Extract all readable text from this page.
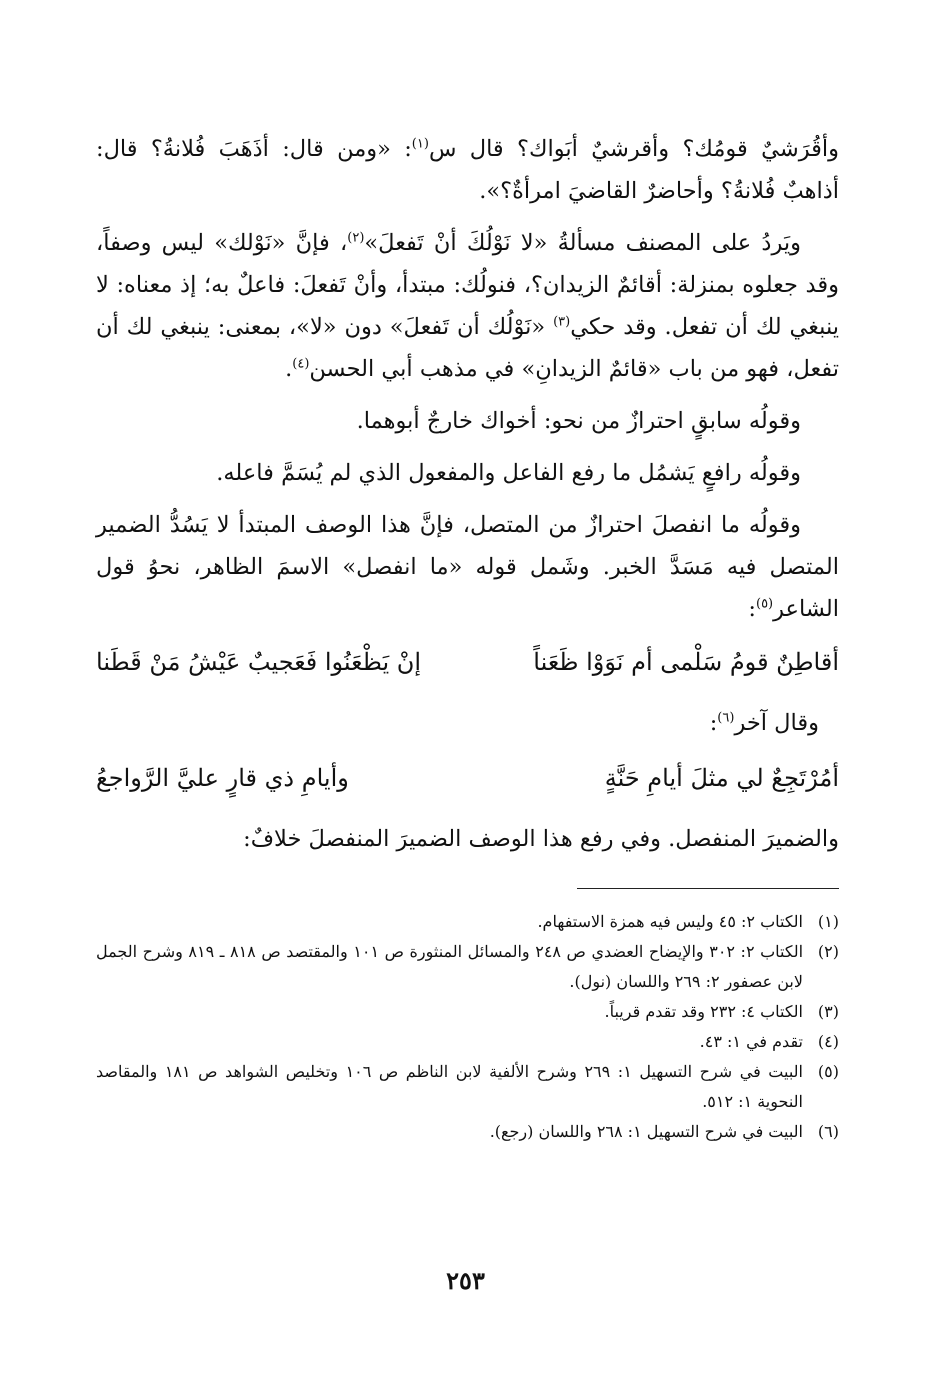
وأقُرَشيٌ قومُك؟ وأقرشيٌ أبَواك؟ قال س$^{(١)}$: «ومن قال: أذَهَبَ فُلانةُ؟ قال: أذاهبٌ فُلانةُ؟ وأحاضرٌ القاضيَ امرأةٌ؟».

ويَردُ على المصنف مسألةُ «لا نَوْلُكَ أنْ تَفعلَ»$^{(٢)}$، فإنَّ «نَوْلك» ليس وصفاً، وقد جعلوه بمنزلة: أقائمٌ الزيدان؟، فنولُك: مبتدأ، وأنْ تَفعلَ: فاعلٌ به؛ إذ معناه: لا ينبغي لك أن تفعل. وقد حكي$^{(٣)}$ «نَوْلُك أن تَفعلَ» دون «لا»، بمعنى: ينبغي لك أن تفعل، فهو من باب «قائمٌ الزيدانِ» في مذهب أبي الحسن$^{(٤)}$.

وقولُه سابقٍ احترازٌ من نحو: أخواك خارجٌ أبوهما.

وقولُه رافعٍ يَشمُل ما رفع الفاعل والمفعول الذي لم يُسَمَّ فاعله.

وقولُه ما انفصلَ احترازٌ من المتصل، فإنَّ هذا الوصف المبتدأ لا يَسُدُّ الضمير المتصل فيه مَسَدَّ الخبر. وشَمل قوله «ما انفصل» الاسمَ الظاهر، نحوُ قول الشاعر$^{(٥)}$:

أقاطِنٌ قومُ سَلْمى أم نَوَوْا ظَعَناً
إنْ يَظْعَنُوا فَعَجيبٌ عَيْشُ مَنْ قَطَنا

وقال آخر$^{(٦)}$:

أمُرْتَجِعٌ لي مثلَ أيامِ حَنَّةٍ
وأيامِ ذي قارٍ عليَّ الرَّواجعُ

والضميرَ المنفصل. وفي رفع هذا الوصف الضميرَ المنفصلَ خلافٌ:

(١)
الكتاب ٢: ٤٥ وليس فيه همزة الاستفهام.
(٢)
الكتاب ٢: ٣٠٢ والإيضاح العضدي ص ٢٤٨ والمسائل المنثورة ص ١٠١ والمقتصد ص ٨١٨ ـ ٨١٩ وشرح الجمل لابن عصفور ٢: ٢٦٩ واللسان (نول).
(٣)
الكتاب ٤: ٢٣٢ وقد تقدم قريباً.
(٤)
تقدم في ١: ٤٣.
(٥)
البيت في شرح التسهيل ١: ٢٦٩ وشرح الألفية لابن الناظم ص ١٠٦ وتخليص الشواهد ص ١٨١ والمقاصد النحوية ١: ٥١٢.
(٦)
البيت في شرح التسهيل ١: ٢٦٨ واللسان (رجع).
٢٥٣
